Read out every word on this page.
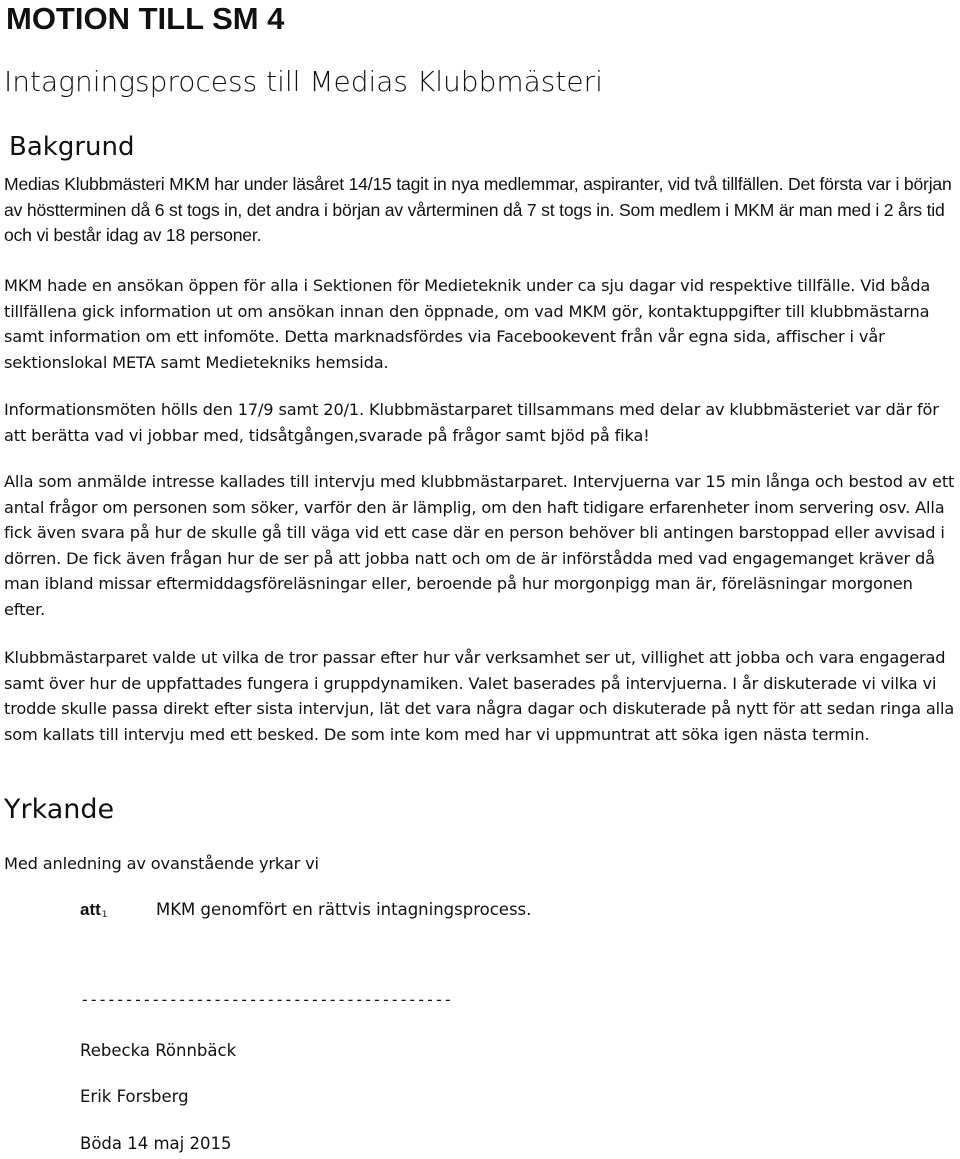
MOTION TILL SM 4
Intagningsprocess till Medias Klubbmästeri
Bakgrund

Medias Klubbmästeri MKM har under läsåret 14/15 tagit in nya medlemmar, aspiranter, vid två tillfällen. Det första var i början av höstterminen då 6 st togs in, det andra i början av vårterminen då 7 st togs in. Som medlem i MKM är man med i 2 års tid och vi består idag av 18 personer.

MKM hade en ansökan öppen för alla i Sektionen för Medieteknik under ca sju dagar vid respektive tillfälle. Vid båda tillfällena gick information ut om ansökan innan den öppnade, om vad MKM gör, kontaktuppgifter till klubbmästarna samt information om ett infomöte. Detta marknadsfördes via Facebookevent från vår egna sida, affischer i vår sektionslokal META samt Medietekniks hemsida.

Informationsmöten hölls den 17/9 samt 20/1. Klubbmästarparet tillsammans med delar av klubbmästeriet var där för att berätta vad vi jobbar med, tidsåtgången,svarade på frågor samt bjöd på fika!

Alla som anmälde intresse kallades till intervju med klubbmästarparet. Intervjuerna var 15 min långa och bestod av ett antal frågor om personen som söker, varför den är lämplig, om den haft tidigare erfarenheter inom servering osv. Alla fick även svara på hur de skulle gå till väga vid ett case där en person behöver bli antingen barstoppad eller avvisad i dörren. De fick även frågan hur de ser på att jobba natt och om de är införstådda med vad engagemanget kräver då man ibland missar eftermiddagsföreläsningar eller, beroende på hur morgonpigg man är, föreläsningar morgonen efter.

Klubbmästarparet valde ut vilka de tror passar efter hur vår verksamhet ser ut, villighet att jobba och vara engagerad samt över hur de uppfattades fungera i gruppdynamiken. Valet baserades på intervjuerna. I år diskuterade vi vilka vi trodde skulle passa direkt efter sista intervjun, lät det vara några dagar och diskuterade på nytt för att sedan ringa alla som kallats till intervju med ett besked. De som inte kom med har vi uppmuntrat att söka igen nästa termin.

Yrkande

Med anledning av ovanstående yrkar vi

att1	MKM genomfört en rättvis intagningsprocess.
------------------------------------------
Rebecka Rönnbäck
Erik Forsberg
Böda 14 maj 2015
